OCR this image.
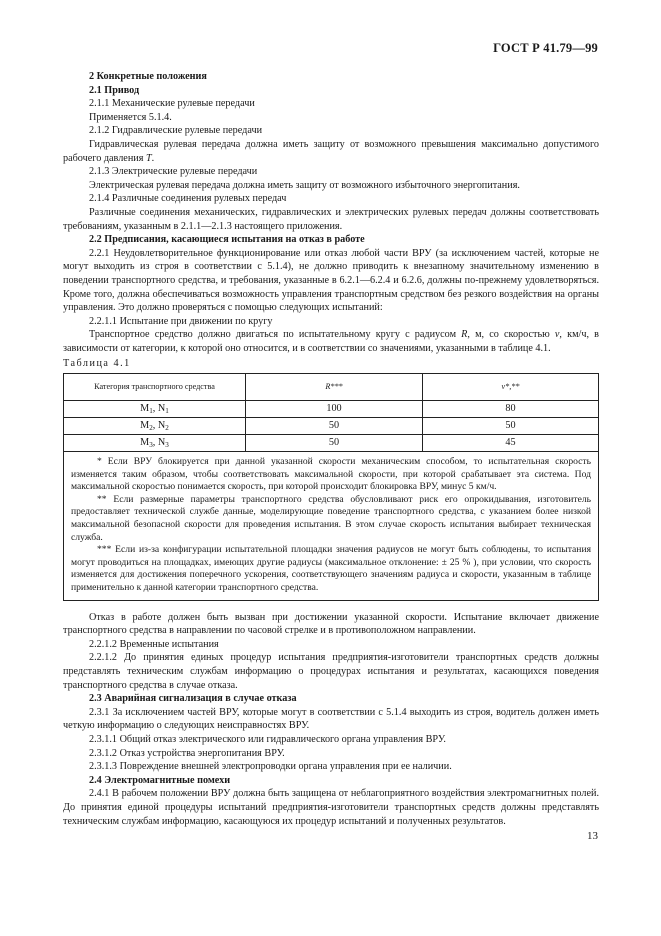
ГОСТ Р 41.79—99

2 Конкретные положения

2.1 Привод

2.1.1 Механические рулевые передачи

Применяется 5.1.4.

2.1.2 Гидравлические рулевые передачи

Гидравлическая рулевая передача должна иметь защиту от возможного превышения максимально допустимого рабочего давления T.

2.1.3 Электрические рулевые передачи

Электрическая рулевая передача должна иметь защиту от возможного избыточного энергопитания.

2.1.4 Различные соединения рулевых передач

Различные соединения механических, гидравлических и электрических рулевых передач должны соответствовать требованиям, указанным в 2.1.1—2.1.3 настоящего приложения.

2.2 Предписания, касающиеся испытания на отказ в работе

2.2.1 Неудовлетворительное функционирование или отказ любой части ВРУ (за исключением частей, которые не могут выходить из строя в соответствии с 5.1.4), не должно приводить к внезапному значительному изменению в поведении транспортного средства, и требования, указанные в 6.2.1—6.2.4 и 6.2.6, должны по-прежнему удовлетворяться. Кроме того, должна обеспечиваться возможность управления транспортным средством без резкого воздействия на органы управления. Это должно проверяться с помощью следующих испытаний:

2.2.1.1 Испытание при движении по кругу

Транспортное средство должно двигаться по испытательному кругу с радиусом R, м, со скоростью v, км/ч, в зависимости от категории, к которой оно относится, и в соответствии со значениями, указанными в таблице 4.1.

Таблица 4.1

Категория транспортного средства	R***	v*,**
$M_1$, $N_1$	100	80
$M_2$, $N_2$	50	50
$M_3$, $N_3$	50	45

* Если ВРУ блокируется при данной указанной скорости механическим способом, то испытательная скорость изменяется таким образом, чтобы соответствовать максимальной скорости, при которой срабатывает эта система. Под максимальной скоростью понимается скорость, при которой происходит блокировка ВРУ, минус 5 км/ч.

** Если размерные параметры транспортного средства обусловливают риск его опрокидывания, изготовитель предоставляет технической службе данные, моделирующие поведение транспортного средства, с указанием более низкой максимальной безопасной скорости для проведения испытания. В этом случае скорость испытания выбирает техническая служба.

*** Если из-за конфигурации испытательной площадки значения радиусов не могут быть соблюдены, то испытания могут проводиться на площадках, имеющих другие радиусы (максимальное отклонение: ± 25 % ), при условии, что скорость изменяется для достижения поперечного ускорения, соответствующего значениям радиуса и скорости, указанным в таблице применительно к данной категории транспортного средства.		

Отказ в работе должен быть вызван при достижении указанной скорости. Испытание включает движение транспортного средства в направлении по часовой стрелке и в противоположном направлении.

2.2.1.2 Временные испытания

2.2.1.2 До принятия единых процедур испытания предприятия-изготовители транспортных средств должны представлять техническим службам информацию о процедурах испытания и результатах, касающихся поведения транспортного средства в случае отказа.

2.3 Аварийная сигнализация в случае отказа

2.3.1 За исключением частей ВРУ, которые могут в соответствии с 5.1.4 выходить из строя, водитель должен иметь четкую информацию о следующих неисправностях ВРУ.

2.3.1.1 Общий отказ электрического или гидравлического органа управления ВРУ.

2.3.1.2 Отказ устройства энергопитания ВРУ.

2.3.1.3 Повреждение внешней электропроводки органа управления при ее наличии.

2.4 Электромагнитные помехи

2.4.1 В рабочем положении ВРУ должна быть защищена от неблагоприятного воздействия электромагнитных полей. До принятия единой процедуры испытаний предприятия-изготовители транспортных средств должны представлять техническим службам информацию, касающуюся их процедур испытаний и полученных результатов.

13
